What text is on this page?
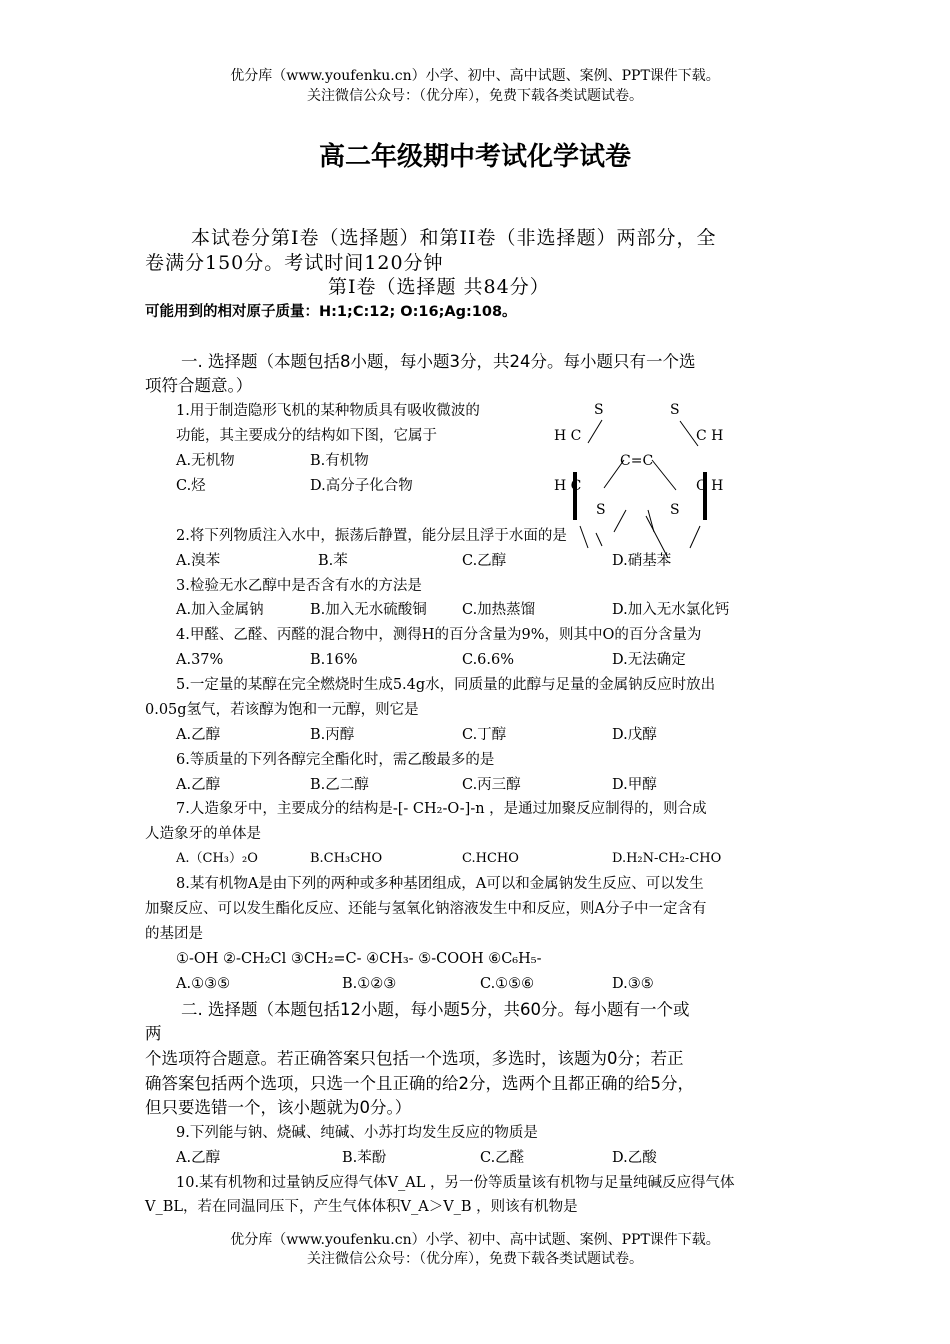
优分库（www.youfenku.cn）小学、初中、高中试题、案例、PPT课件下载。
关注微信公众号：（优分库），免费下载各类试题试卷。
高二年级期中考试化学试卷
本试卷分第Ⅰ卷（选择题）和第II卷（非选择题）两部分，全
卷满分150分。考试时间120分钟
第Ⅰ卷（选择题 共84分）
可能用到的相对原子质量：H:1;C:12; O:16;Ag:108。
一. 选择题（本题包括8小题，每小题3分，共24分。每小题只有一个选
项符合题意。）
S	S
H C	C H
C=C
H C	C H
S	S
1.用于制造隐形飞机的某种物质具有吸收微波的
功能，其主要成分的结构如下图，它属于
A.无机物	B.有机物
C.烃	D.高分子化合物
2.将下列物质注入水中，振荡后静置，能分层且浮于水面的是
A.溴苯	B.苯	C.乙醇	D.硝基苯
3.检验无水乙醇中是否含有水的方法是
A.加入金属钠	B.加入无水硫酸铜 C.加热蒸馏	D.加入无水氯化钙
4.甲醛、乙醛、丙醛的混合物中，测得H的百分含量为9%，则其中O的百分含量为
A.37%	B.16%	C.6.6%	D.无法确定
5.一定量的某醇在完全燃烧时生成5.4g水，同质量的此醇与足量的金属钠反应时放出
0.05g氢气，若该醇为饱和一元醇，则它是
A.乙醇	B.丙醇	C.丁醇	D.戊醇
6.等质量的下列各醇完全酯化时，需乙酸最多的是
A.乙醇	B.乙二醇	C.丙三醇	D.甲醇
7.人造象牙中，主要成分的结构是-[- CH₂-O-]-n ，是通过加聚反应制得的，则合成
人造象牙的单体是
A.（CH₃）₂O	B.CH₃CHO	C.HCHO	D.H₂N-CH₂-CHO
8.某有机物A是由下列的两种或多种基团组成，A可以和金属钠发生反应、可以发生
加聚反应、可以发生酯化反应、还能与氢氧化钠溶液发生中和反应，则A分子中一定含有
的基团是
①-OH ②-CH₂Cl ③CH₂=C- ④CH₃- ⑤-COOH ⑥C₆H₅-
A.①③⑤	B.①②③	C.①⑤⑥	D.③⑤
二. 选择题（本题包括12小题，每小题5分，共60分。每小题有一个或
两
个选项符合题意。若正确答案只包括一个选项，多选时，该题为0分；若正
确答案包括两个选项，只选一个且正确的给2分，选两个且都正确的给5分，
但只要选错一个，该小题就为0分。）
9.下列能与钠、烧碱、纯碱、小苏打均发生反应的物质是
A.乙醇	B.苯酚	C.乙醛	D.乙酸
10.某有机物和过量钠反应得气体V_AL ，另一份等质量该有机物与足量纯碱反应得气体
V_BL，若在同温同压下，产生气体体积V_A＞V_B ，则该有机物是
优分库（www.youfenku.cn）小学、初中、高中试题、案例、PPT课件下载。
关注微信公众号：（优分库），免费下载各类试题试卷。
